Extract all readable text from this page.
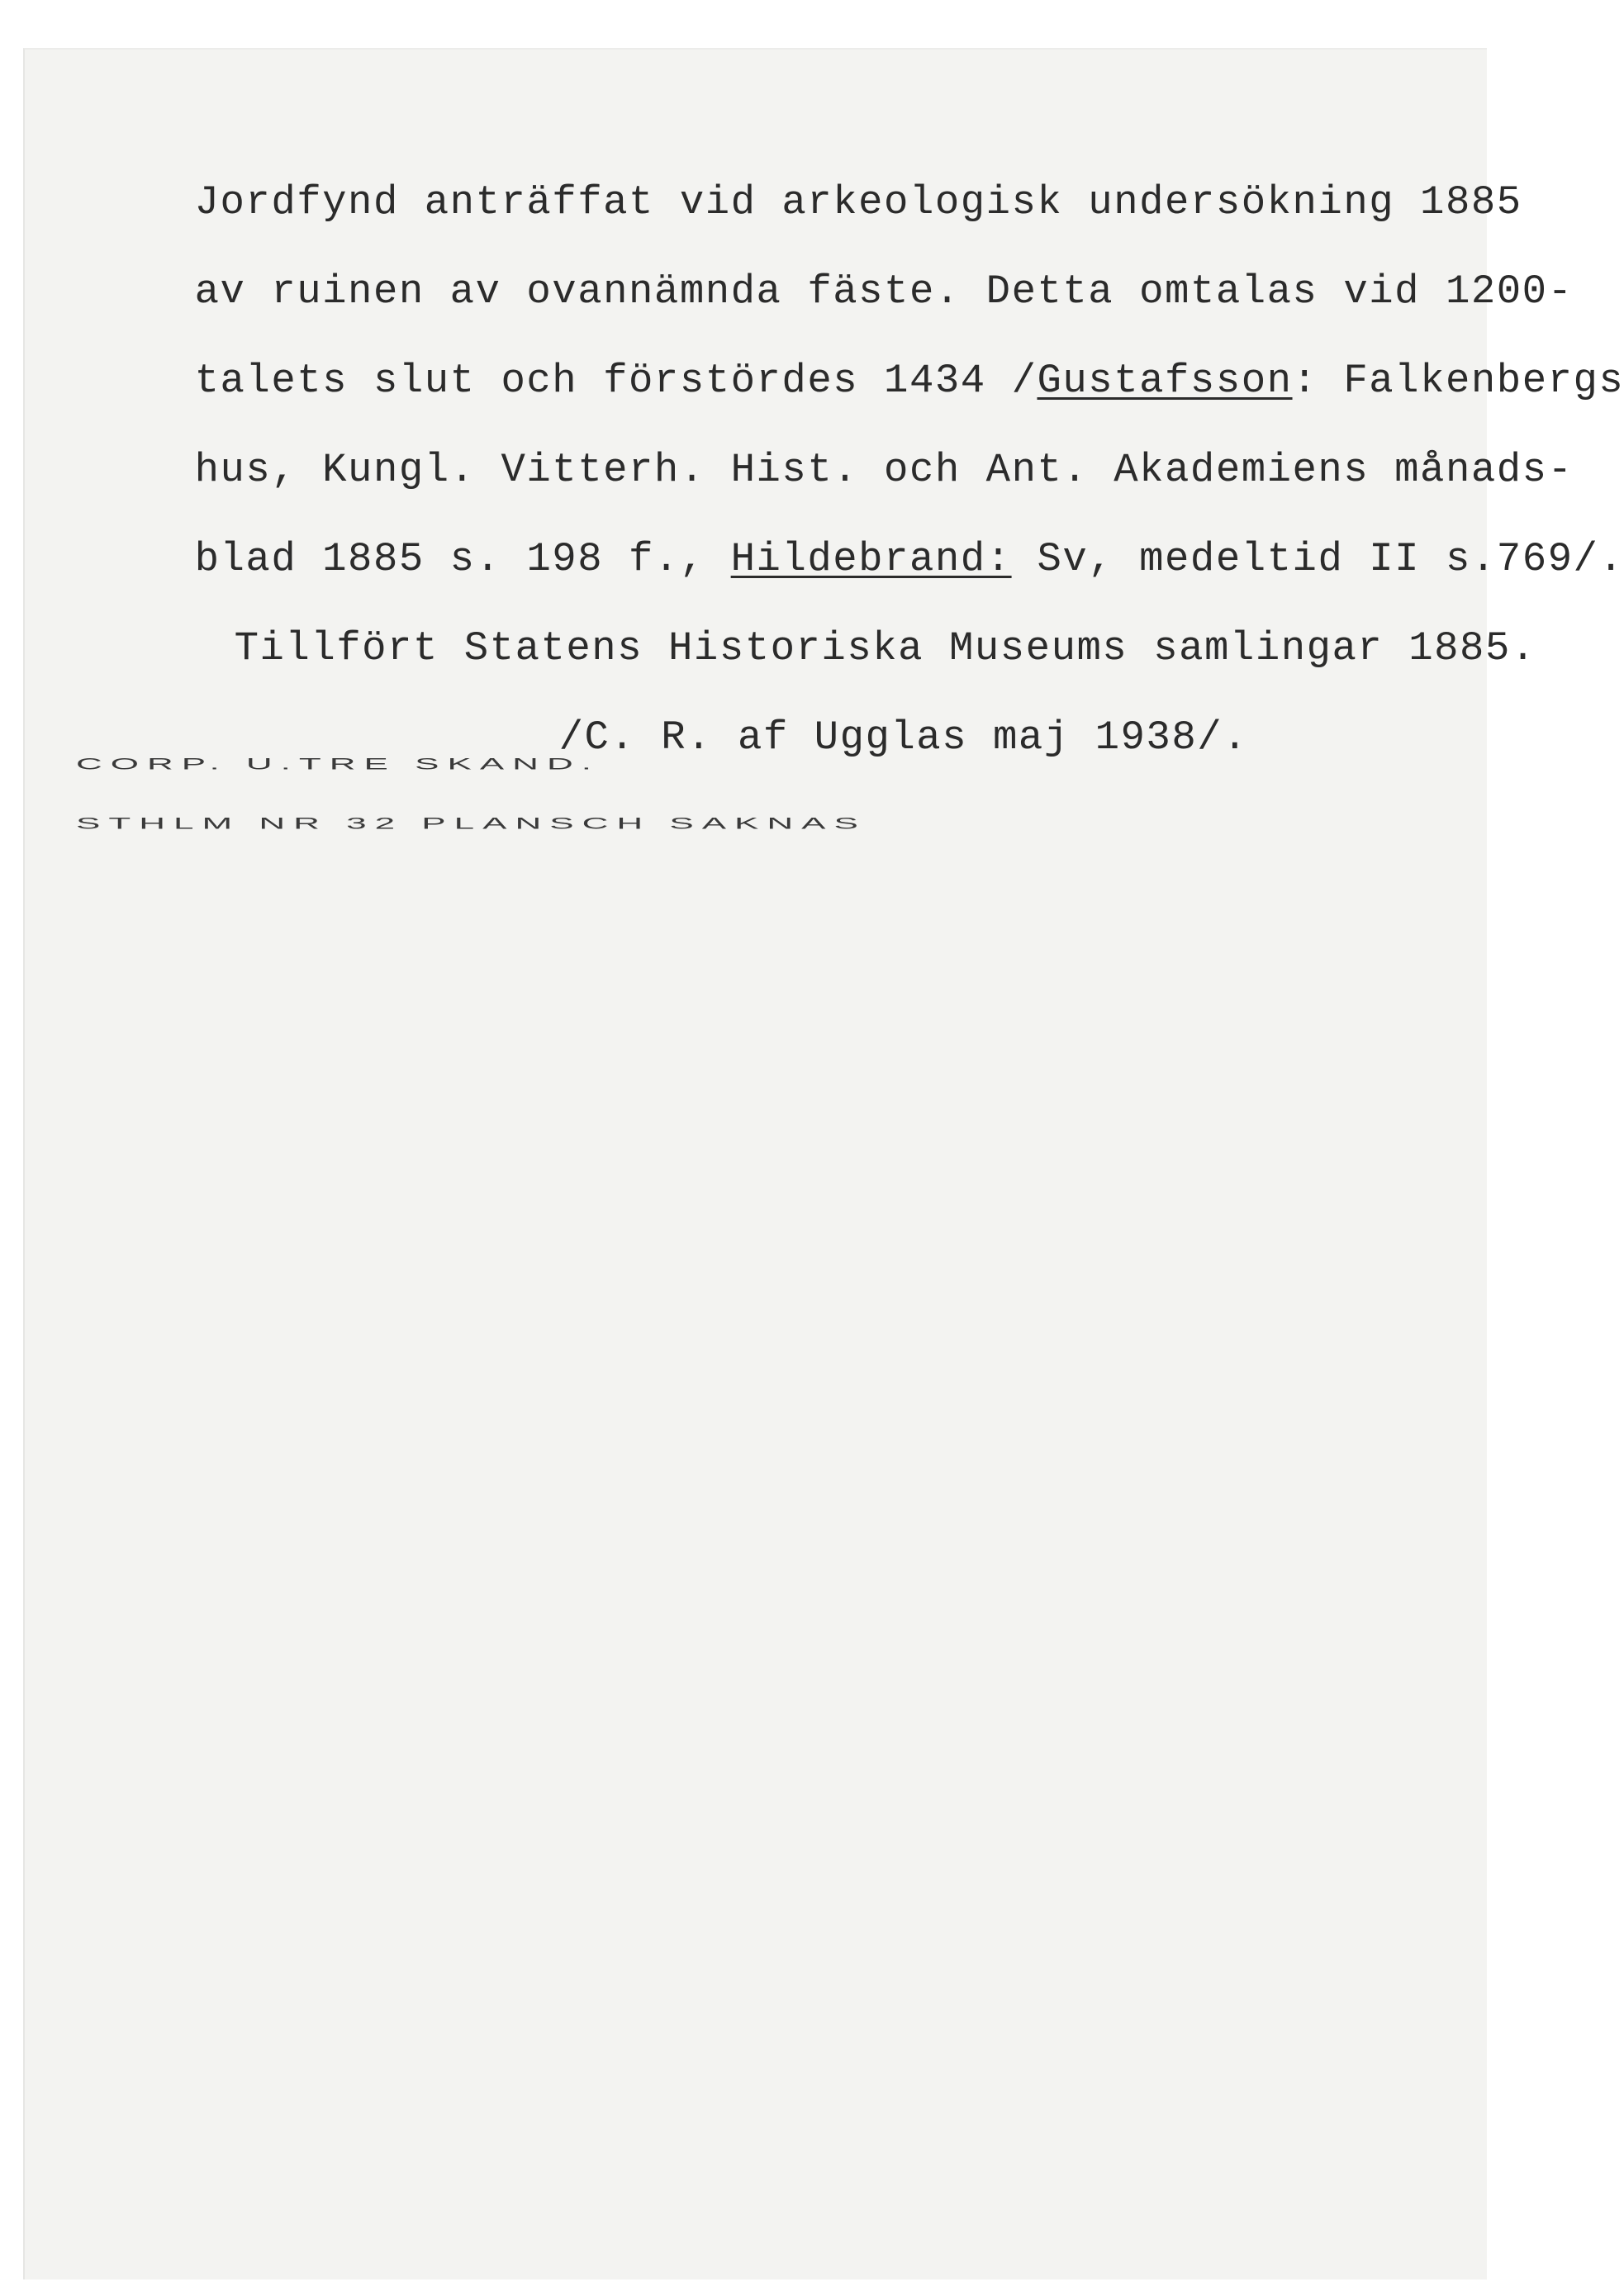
Jordfynd anträffat vid arkeologisk undersökning 1885

av ruinen av ovannämnda fäste. Detta omtalas vid 1200-

talets slut och förstördes 1434 /Gustafsson: Falkenbergs

hus, Kungl. Vitterh. Hist. och Ant. Akademiens månads-

blad 1885 s. 198 f., Hildebrand: Sv, medeltid II s.769/.

Tillfört Statens Historiska Museums samlingar 1885.

/C. R. af Ugglas maj 1938/.

CORP. U.TRE SKAND.
STHLM NR 32 PLANSCH SAKNAS
